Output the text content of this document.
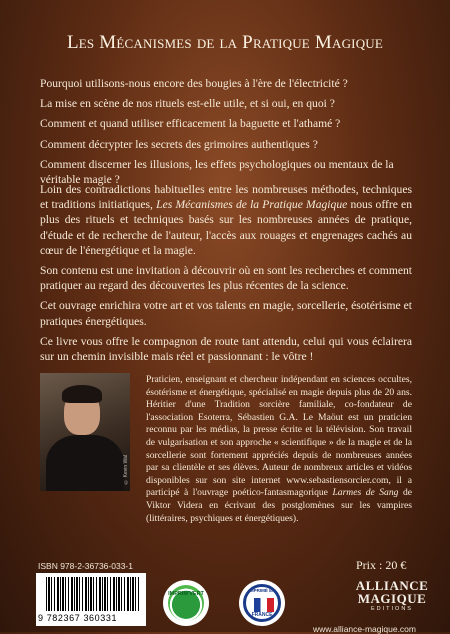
Les Mécanismes de la Pratique Magique

Pourquoi utilisons-nous encore des bougies à l'ère de l'électricité ?

La mise en scène de nos rituels est-elle utile, et si oui, en quoi ?

Comment et quand utiliser efficacement la baguette et l'athamé ?

Comment décrypter les secrets des grimoires authentiques ?

Comment discerner les illusions, les effets psychologiques ou mentaux de la véritable magie ?

Loin des contradictions habituelles entre les nombreuses méthodes, techniques et traditions initiatiques, Les Mécanismes de la Pratique Magique nous offre en plus des rituels et techniques basés sur les nombreuses années de pratique, d'étude et de recherche de l'auteur, l'accès aux rouages et engrenages cachés au cœur de l'énergétique et la magie.

Son contenu est une invitation à découvrir où en sont les recherches et comment pratiquer au regard des découvertes les plus récentes de la science.

Cet ouvrage enrichira votre art et vos talents en magie, sorcellerie, ésotérisme et pratiques énergétiques.

Ce livre vous offre le compagnon de route tant attendu, celui qui vous éclairera sur un chemin invisible mais réel et passionnant : le vôtre !

© Kevin Wal
Praticien, enseignant et chercheur indépendant en sciences occultes, ésotérisme et énergétique, spécialisé en magie depuis plus de 20 ans. Héritier d'une Tradition sorcière familiale, co-fondateur de l'association Esoterra, Sébastien G.A. Le Maöut est un praticien reconnu par les médias, la presse écrite et la télévision. Son travail de vulgarisation et son approche « scientifique » de la magie et de la sorcellerie sont fortement appréciés depuis de nombreuses années par sa clientèle et ses élèves. Auteur de nombreux articles et vidéos disponibles sur son site internet www.sebastiensorcier.com, il a participé à l'ouvrage poético-fantasmagorique Larmes de Sang de Viktor Videra en écrivant des postglomènes sur les vampires (littéraires, psychiques et énergétiques).
ISBN 978-2-36736-033-1
9 782367 360331
IMPRIM'VERT
IMPRIMÉ EN
FRANCE
Prix : 20 €
ALLIANCE
MAGIQUE
EDITIONS
www.alliance-magique.com
